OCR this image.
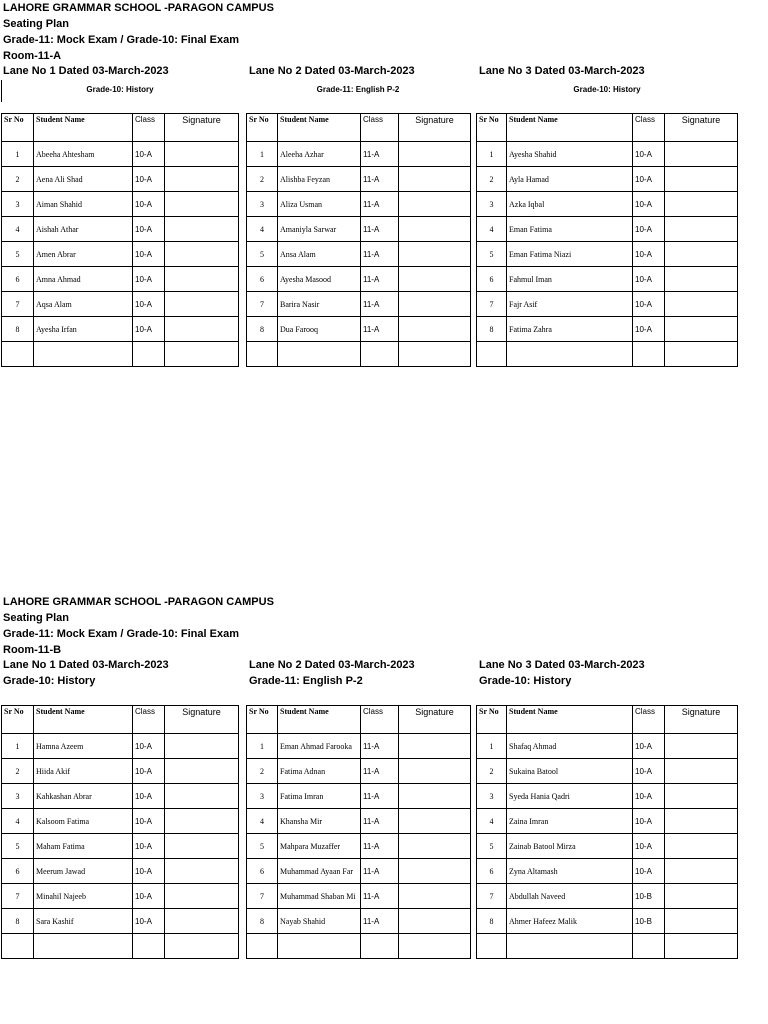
LAHORE GRAMMAR SCHOOL -PARAGON CAMPUS
Seating Plan
Grade-11: Mock Exam / Grade-10: Final Exam
Room-11-A
Lane No 1 Dated 03-March-2023	Lane No 2 Dated 03-March-2023	Lane No 3 Dated 03-March-2023
Grade-10: History	Grade-11: English P-2	Grade-10: History
Sr No	Student Name	Class	Signature
1	Abeeha Ahtesham	10-A	
2	Aena Ali Shad	10-A	
3	Aiman Shahid	10-A	
4	Aishah Athar	10-A	
5	Amen Abrar	10-A	
6	Amna Ahmad	10-A	
7	Aqsa Alam	10-A	
8	Ayesha Irfan	10-A	

Sr No	Student Name	Class	Signature
1	Aleeha Azhar	11-A	
2	Alishba Feyzan	11-A	
3	Aliza Usman	11-A	
4	Amaniyla Sarwar	11-A	
5	Ansa Alam	11-A	
6	Ayesha Masood	11-A	
7	Barira Nasir	11-A	
8	Dua Farooq	11-A	

Sr No	Student Name	Class	Signature
1	Ayesha Shahid	10-A	
2	Ayla Hamad	10-A	
3	Azka Iqbal	10-A	
4	Eman Fatima	10-A	
5	Eman Fatima Niazi	10-A	
6	Fahmul Iman	10-A	
7	Fajr Asif	10-A	
8	Fatima Zahra	10-A	

LAHORE GRAMMAR SCHOOL -PARAGON CAMPUS
Seating Plan
Grade-11: Mock Exam / Grade-10: Final Exam
Room-11-B
Lane No 1 Dated 03-March-2023	Lane No 2 Dated 03-March-2023	Lane No 3 Dated 03-March-2023
Grade-10: History	Grade-11: English P-2	Grade-10: History
Sr No	Student Name	Class	Signature
1	Hamna Azeem	10-A	
2	Hiida Akif	10-A	
3	Kahkashan Abrar	10-A	
4	Kalsoom Fatima	10-A	
5	Maham Fatima	10-A	
6	Meerum Jawad	10-A	
7	Minahil Najeeb	10-A	
8	Sara Kashif	10-A	

Sr No	Student Name	Class	Signature
1	Eman Ahmad Farooka	11-A	
2	Fatima Adnan	11-A	
3	Fatima Imran	11-A	
4	Khansha Mir	11-A	
5	Mahpara Muzaffer	11-A	
6	Muhammad Ayaan Far	11-A	
7	Muhammad Shaban Mi	11-A	
8	Nayab Shahid	11-A	

Sr No	Student Name	Class	Signature
1	Shafaq Ahmad	10-A	
2	Sukaina Batool	10-A	
3	Syeda Hania Qadri	10-A	
4	Zaina Imran	10-A	
5	Zainab Batool Mirza	10-A	
6	Zyna Altamash	10-A	
7	Abdullah Naveed	10-B	
8	Ahmer Hafeez Malik	10-B	
